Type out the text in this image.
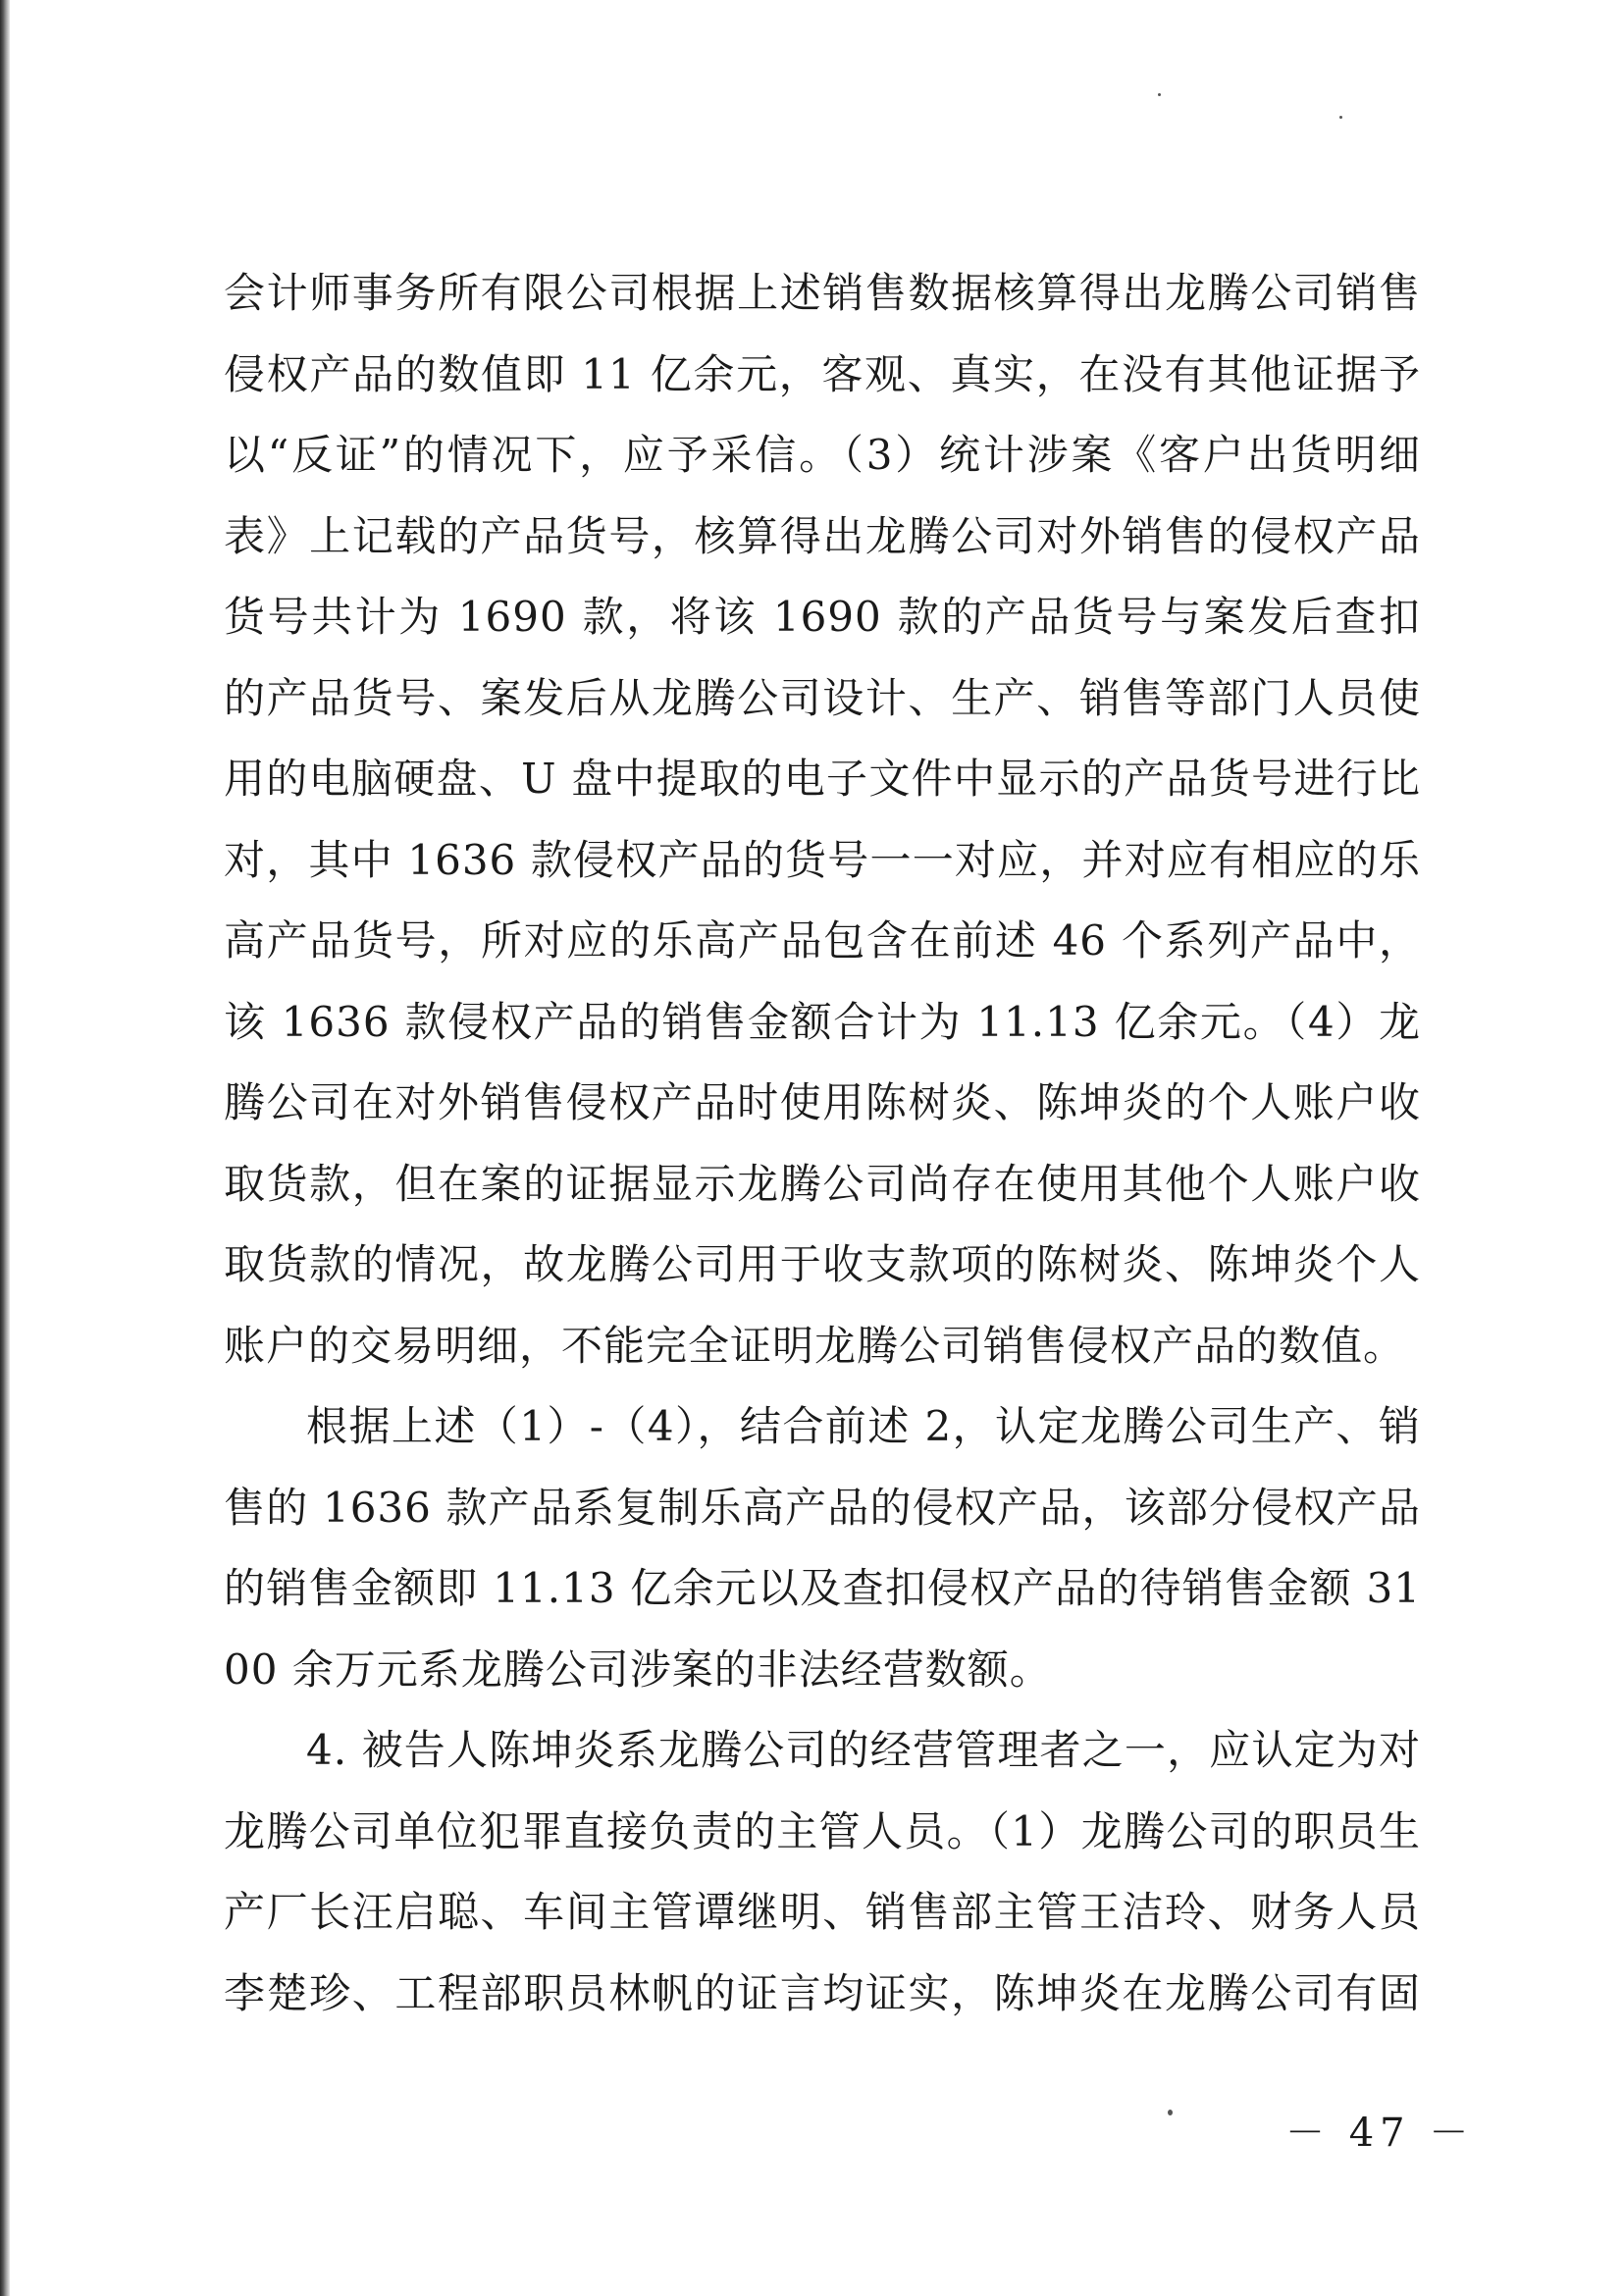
会计师事务所有限公司根据上述销售数据核算得出龙腾公司销售侵权产品的数值即 11 亿余元，客观、真实，在没有其他证据予以“反证”的情况下，应予采信。（3）统计涉案《客户出货明细表》上记载的产品货号，核算得出龙腾公司对外销售的侵权产品货号共计为 1690 款，将该 1690 款的产品货号与案发后查扣的产品货号、案发后从龙腾公司设计、生产、销售等部门人员使用的电脑硬盘、U 盘中提取的电子文件中显示的产品货号进行比对，其中 1636 款侵权产品的货号一一对应，并对应有相应的乐高产品货号，所对应的乐高产品包含在前述 46 个系列产品中，该 1636 款侵权产品的销售金额合计为 11.13 亿余元。（4）龙腾公司在对外销售侵权产品时使用陈树炎、陈坤炎的个人账户收取货款，但在案的证据显示龙腾公司尚存在使用其他个人账户收取货款的情况，故龙腾公司用于收支款项的陈树炎、陈坤炎个人账户的交易明细，不能完全证明龙腾公司销售侵权产品的数值。

根据上述（1）-（4），结合前述 2，认定龙腾公司生产、销售的 1636 款产品系复制乐高产品的侵权产品，该部分侵权产品的销售金额即 11.13 亿余元以及查扣侵权产品的待销售金额 3100 余万元系龙腾公司涉案的非法经营数额。

4. 被告人陈坤炎系龙腾公司的经营管理者之一，应认定为对龙腾公司单位犯罪直接负责的主管人员。（1）龙腾公司的职员生产厂长汪启聪、车间主管谭继明、销售部主管王洁玲、财务人员李楚珍、工程部职员林帆的证言均证实，陈坤炎在龙腾公司有固

－ 47 －
